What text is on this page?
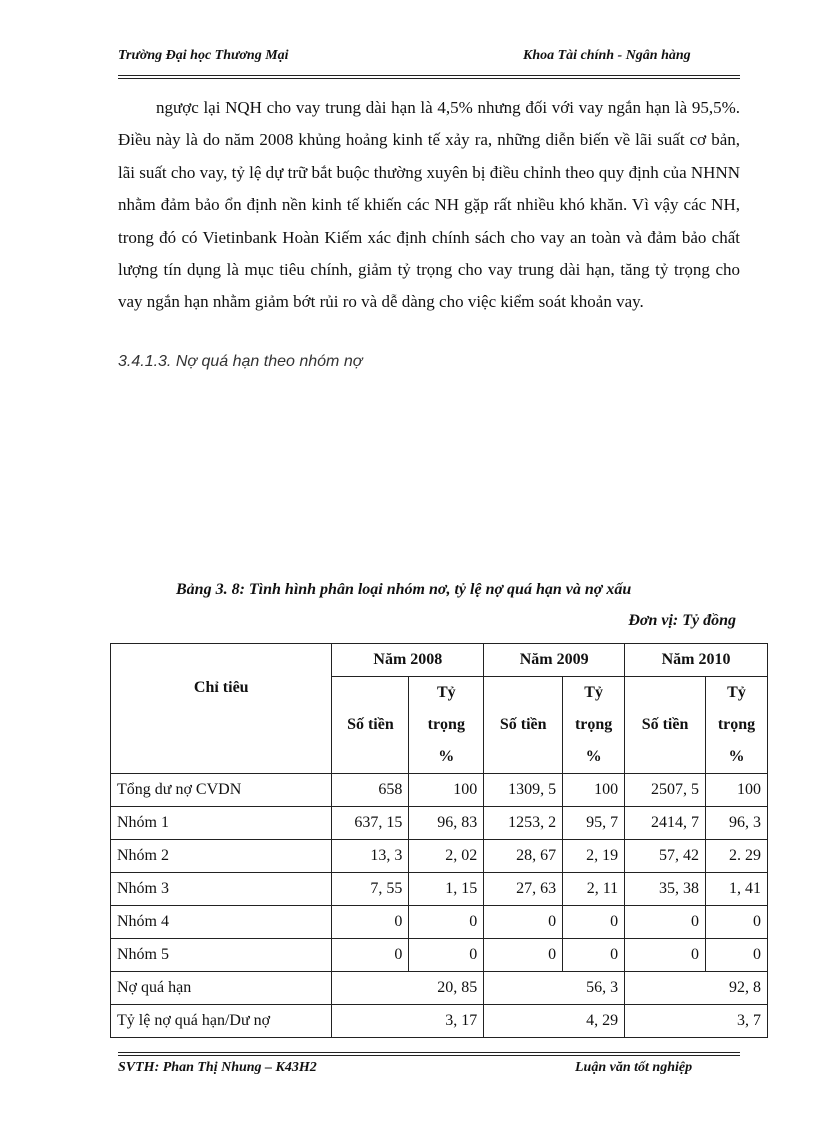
Trường Đại học Thương Mại	Khoa Tài chính - Ngân hàng

ngược lại NQH cho vay trung dài hạn là 4,5% nhưng đối với vay ngắn hạn là 95,5%. Điều này là do năm 2008 khủng hoảng kinh tế xảy ra, những diễn biến về lãi suất cơ bản, lãi suất cho vay, tỷ lệ dự trữ bắt buộc thường xuyên bị điều chỉnh theo quy định của NHNN nhằm đảm bảo ổn định nền kinh tế khiến các NH gặp rất nhiều khó khăn. Vì vậy các NH, trong đó có Vietinbank Hoàn Kiếm xác định chính sách cho vay an toàn và đảm bảo chất lượng tín dụng là mục tiêu chính, giảm tỷ trọng cho vay trung dài hạn, tăng tỷ trọng cho vay ngắn hạn nhằm giảm bớt rủi ro và dễ dàng cho việc kiểm soát khoản vay.

3.4.1.3. Nợ quá hạn theo nhóm nợ
Bảng 3. 8: Tình hình phân loại nhóm nơ, tỷ lệ nợ quá hạn và nợ xấu
Đơn vị: Tỷ đồng
Chỉ tiêu	Năm 2008		Năm 2009		Năm 2010	
	Số tiền	Tỷ
trọng
%	Số tiền	Tỷ
trọng
%	Số tiền	Tỷ
trọng
%
Tổng dư nợ CVDN	658	100	1309, 5	100	2507, 5	100
Nhóm 1	637, 15	96, 83	1253, 2	95, 7	2414, 7	96, 3
Nhóm 2	13, 3	2, 02	28, 67	2, 19	57, 42	2. 29
Nhóm 3	7, 55	1, 15	27, 63	2, 11	35, 38	1, 41
Nhóm 4	0	0	0	0	0	0
Nhóm 5	0	0	0	0	0	0
Nợ quá hạn	20, 85		56, 3		92, 8	
Tỷ lệ nợ quá hạn/Dư nợ	3, 17		4, 29		3, 7	
SVTH: Phan Thị Nhung – K43H2	Luận văn tốt nghiệp
